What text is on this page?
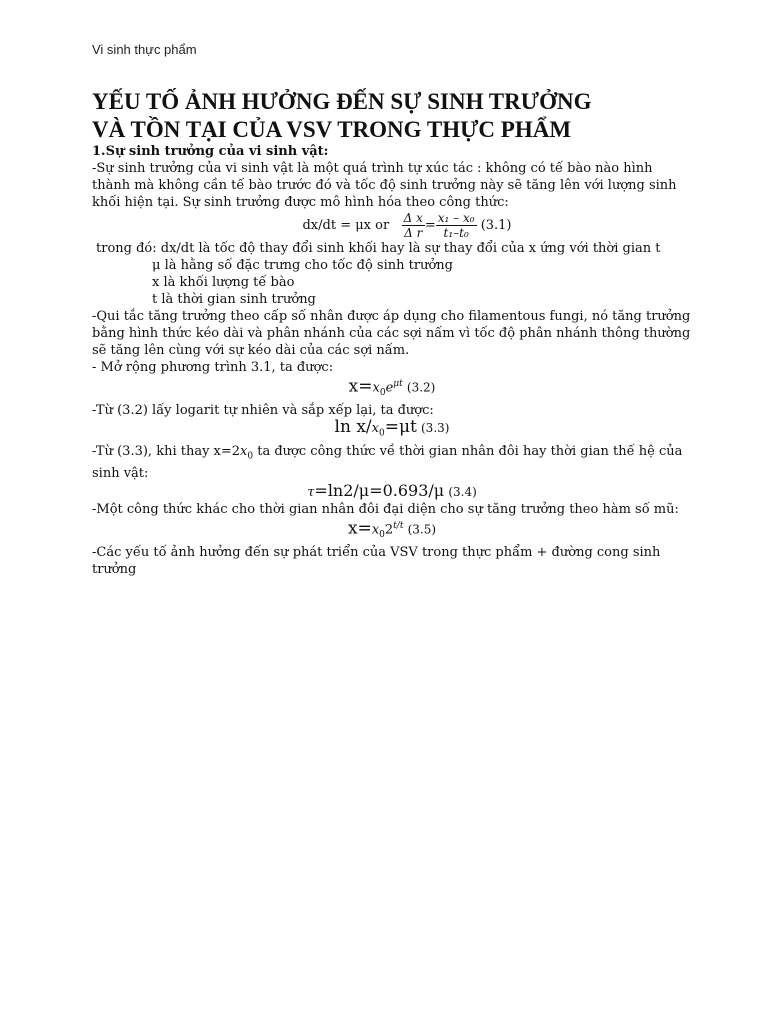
Vi sinh thực phẩm
YẾU TỐ ẢNH HƯỞNG ĐẾN SỰ SINH TRƯỞNG
VÀ TỒN TẠI CỦA VSV TRONG THỰC PHẨM

1.Sự sinh trưởng của vi sinh vật:

-Sự sinh trưởng của vi sinh vật là một quá trình tự xúc tác : không có tế bào nào hình thành mà không cần tế bào trước đó và tốc độ sinh trưởng này sẽ tăng lên với lượng sinh khối hiện tại. Sự sinh trưởng được mô hình hóa theo công thức:

dx/dt = μx or $\frac{\text{Δ x}}{\text{Δ r}} = \frac{\text{x₁ – x₀}}{\text{t₁–t₀}} (3.1)$

trong đó: dx/dt là tốc độ thay đổi sinh khối hay là sự thay đổi của x ứng với thời gian t

μ là hằng số đặc trưng cho tốc độ sinh trưởng

x là khối lượng tế bào

t là thời gian sinh trưởng

-Qui tắc tăng trưởng theo cấp số nhân được áp dụng cho filamentous fungi, nó tăng trưởng bằng hình thức kéo dài và phân nhánh của các sợi nấm vì tốc độ phân nhánh thông thường sẽ tăng lên cùng với sự kéo dài của các sợi nấm.

- Mở rộng phương trình 3.1, ta được:

$x=x_0e^{\mu t}$ (3.2)

-Từ (3.2) lấy logarit tự nhiên và sắp xếp lại, ta được:

$\ln x/x_0=\mu t$ (3.3)

-Từ (3.3), khi thay $x=2x_0$ ta được công thức về thời gian nhân đôi hay thời gian thế hệ của sinh vật:

τ=ln2/μ=0.693/μ (3.4)

-Một công thức khác cho thời gian nhân đôi đại diện cho sự tăng trưởng theo hàm số mũ:

$x=x_02^{t/t}$ (3.5)

-Các yếu tố ảnh hưởng đến sự phát triển của VSV trong thực phẩm + đường cong sinh trưởng
